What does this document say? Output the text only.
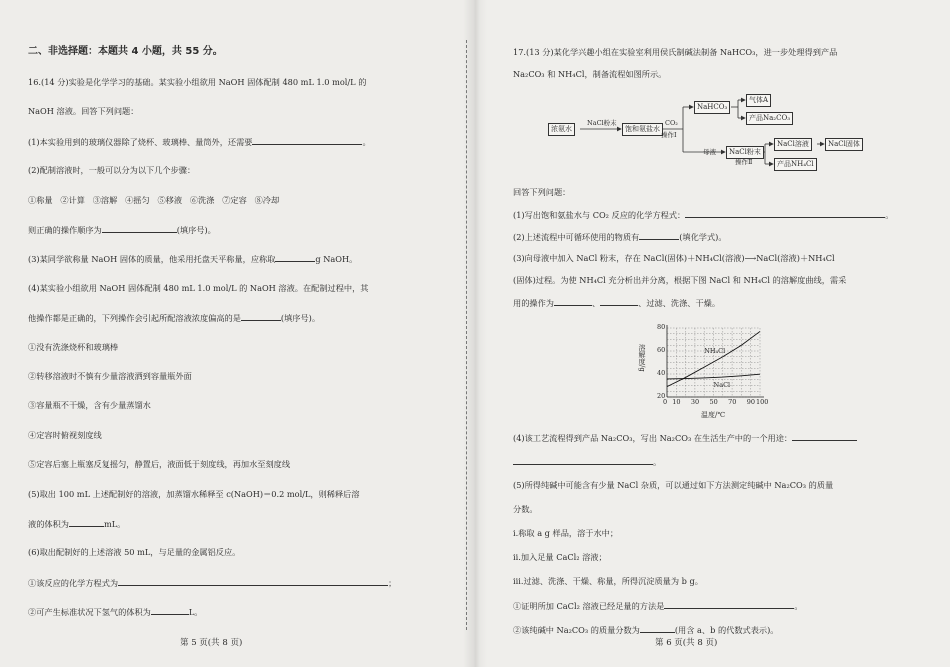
二、非选择题：本题共 4 小题，共 55 分。
16.(14 分)实验是化学学习的基础。某实验小组欲用 NaOH 固体配制 480 mL 1.0 mol/L 的
NaOH 溶液。回答下列问题：
(1)本实验用到的玻璃仪器除了烧杯、玻璃棒、量筒外，还需要	。
(2)配制溶液时，一般可以分为以下几个步骤：
①称量   ②计算   ③溶解   ④摇匀   ⑤移液   ⑥洗涤   ⑦定容   ⑧冷却
则正确的操作顺序为	(填序号)。
(3)某同学欲称量 NaOH 固体的质量，他采用托盘天平称量，应称取	g NaOH。
(4)某实验小组欲用 NaOH 固体配制 480 mL 1.0 mol/L 的 NaOH 溶液。在配制过程中，其
他操作都是正确的，下列操作会引起所配溶液浓度偏高的是	(填序号)。
①没有洗涤烧杯和玻璃棒
②转移溶液时不慎有少量溶液洒到容量瓶外面
③容量瓶不干燥，含有少量蒸馏水
④定容时俯视刻度线
⑤定容后塞上瓶塞反复摇匀，静置后，液面低于刻度线，再加水至刻度线
(5)取出 100 mL 上述配制好的溶液，加蒸馏水稀释至 c(NaOH)＝0.2 mol/L，则稀释后溶
液的体积为	mL。
(6)取出配制好的上述溶液 50 mL，与足量的金属铝反应。
①该反应的化学方程式为	；
②可产生标准状况下氢气的体积为	L。
第 5 页(共 8 页)
17.(13 分)某化学兴趣小组在实验室利用侯氏制碱法制备 NaHCO₃，进一步处理得到产品
Na₂CO₃ 和 NH₄Cl，制备流程如图所示。
回答下列问题：
(1)写出饱和氨盐水与 CO₂ 反应的化学方程式：	。
(2)上述流程中可循环使用的物质有	(填化学式)。
(3)向母液中加入 NaCl 粉末，存在 NaCl(固体)＋NH₄Cl(溶液)⟶NaCl(溶液)＋NH₄Cl
(固体)过程。为使 NH₄Cl 充分析出并分离，根据下图 NaCl 和 NH₄Cl 的溶解度曲线，需采
用的操作为	、	、过滤、洗涤、干燥。
(4)该工艺流程得到产品 Na₂CO₃，写出 Na₂CO₃ 在生活生产中的一个用途：
。
(5)所得纯碱中可能含有少量 NaCl 杂质，可以通过如下方法测定纯碱中 Na₂CO₃ 的质量
分数。
ⅰ.称取 a g 样品，溶于水中；
ⅱ.加入足量 CaCl₂ 溶液；
ⅲ.过滤、洗涤、干燥、称量，所得沉淀质量为 b g。
①证明所加 CaCl₂ 溶液已经足量的方法是	。
②该纯碱中 Na₂CO₃ 的质量分数为	(用含 a、b 的代数式表示)。
浓氨水
NaCl粉末
饱和氨盐水
CO₂
操作Ⅰ
NaHCO₃
气体A
产品Na₂CO₃
母液	NaCl粉末
操作Ⅱ
NaCl溶液	NaCl固体
产品NH₄Cl
溶解度/g
温度/℃
0 10 30 50 70 90 100
20
40
60
80
NH₄Cl
NaCl
第 6 页(共 8 页)
